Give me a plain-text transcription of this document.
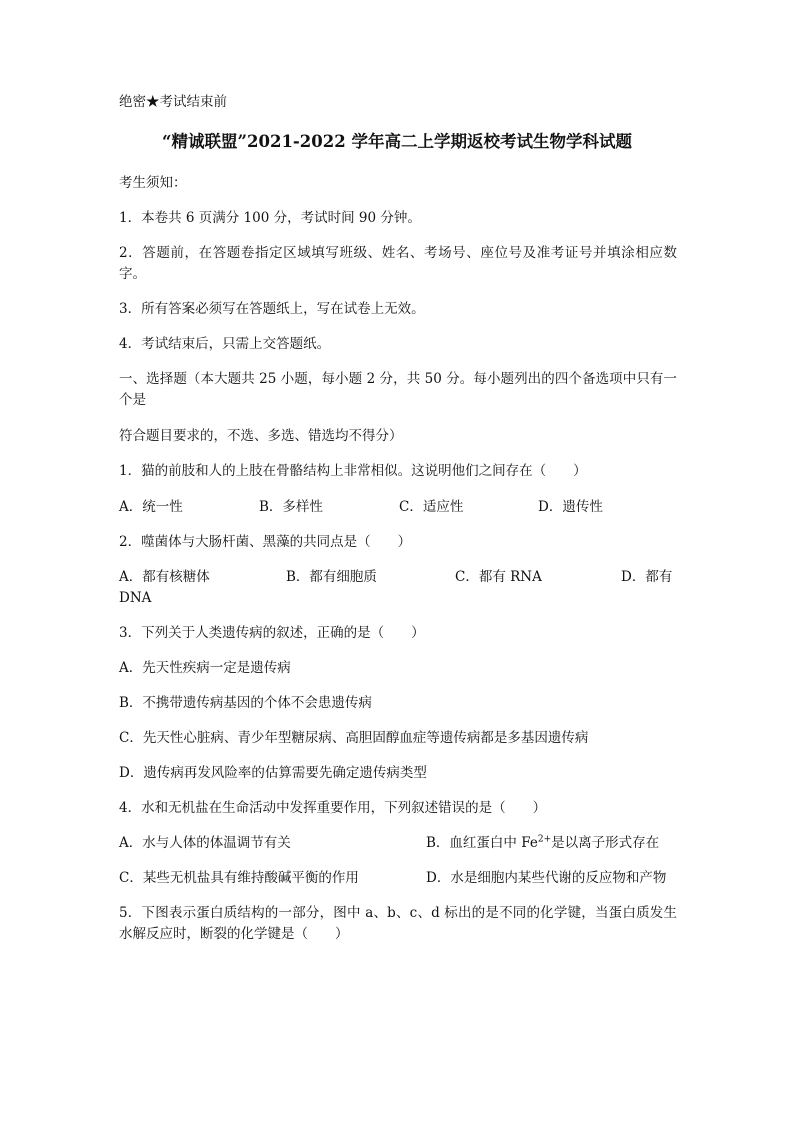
绝密★考试结束前
“精诚联盟”2021-2022 学年高二上学期返校考试生物学科试题
考生须知：
1．本卷共 6 页满分 100 分，考试时间 90 分钟。
2．答题前，在答题卷指定区域填写班级、姓名、考场号、座位号及准考证号并填涂相应数字。
3．所有答案必须写在答题纸上，写在试卷上无效。
4．考试结束后，只需上交答题纸。
一、选择题（本大题共 25 小题，每小题 2 分，共 50 分。每小题列出的四个备选项中只有一个是
符合题目要求的，不选、多选、错选均不得分）
1．猫的前肢和人的上肢在骨骼结构上非常相似。这说明他们之间存在（　　）
A．统一性	B．多样性	C．适应性	D．遗传性
2．噬菌体与大肠杆菌、黑藻的共同点是（　　）
A．都有核糖体	B．都有细胞质	C．都有 RNA	D．都有
DNA
3．下列关于人类遗传病的叙述，正确的是（　　）
A．先天性疾病一定是遗传病
B．不携带遗传病基因的个体不会患遗传病
C．先天性心脏病、青少年型糖尿病、高胆固醇血症等遗传病都是多基因遗传病
D．遗传病再发风险率的估算需要先确定遗传病类型
4．水和无机盐在生命活动中发挥重要作用，下列叙述错误的是（　　）
A．水与人体的体温调节有关	B．血红蛋白中 $Fe^{2+}$是以离子形式存在
C．某些无机盐具有维持酸碱平衡的作用	D．水是细胞内某些代谢的反应物和产物
5．下图表示蛋白质结构的一部分，图中 a、b、c、d 标出的是不同的化学键，当蛋白质发生水解反应时，断裂的化学键是（　　）
